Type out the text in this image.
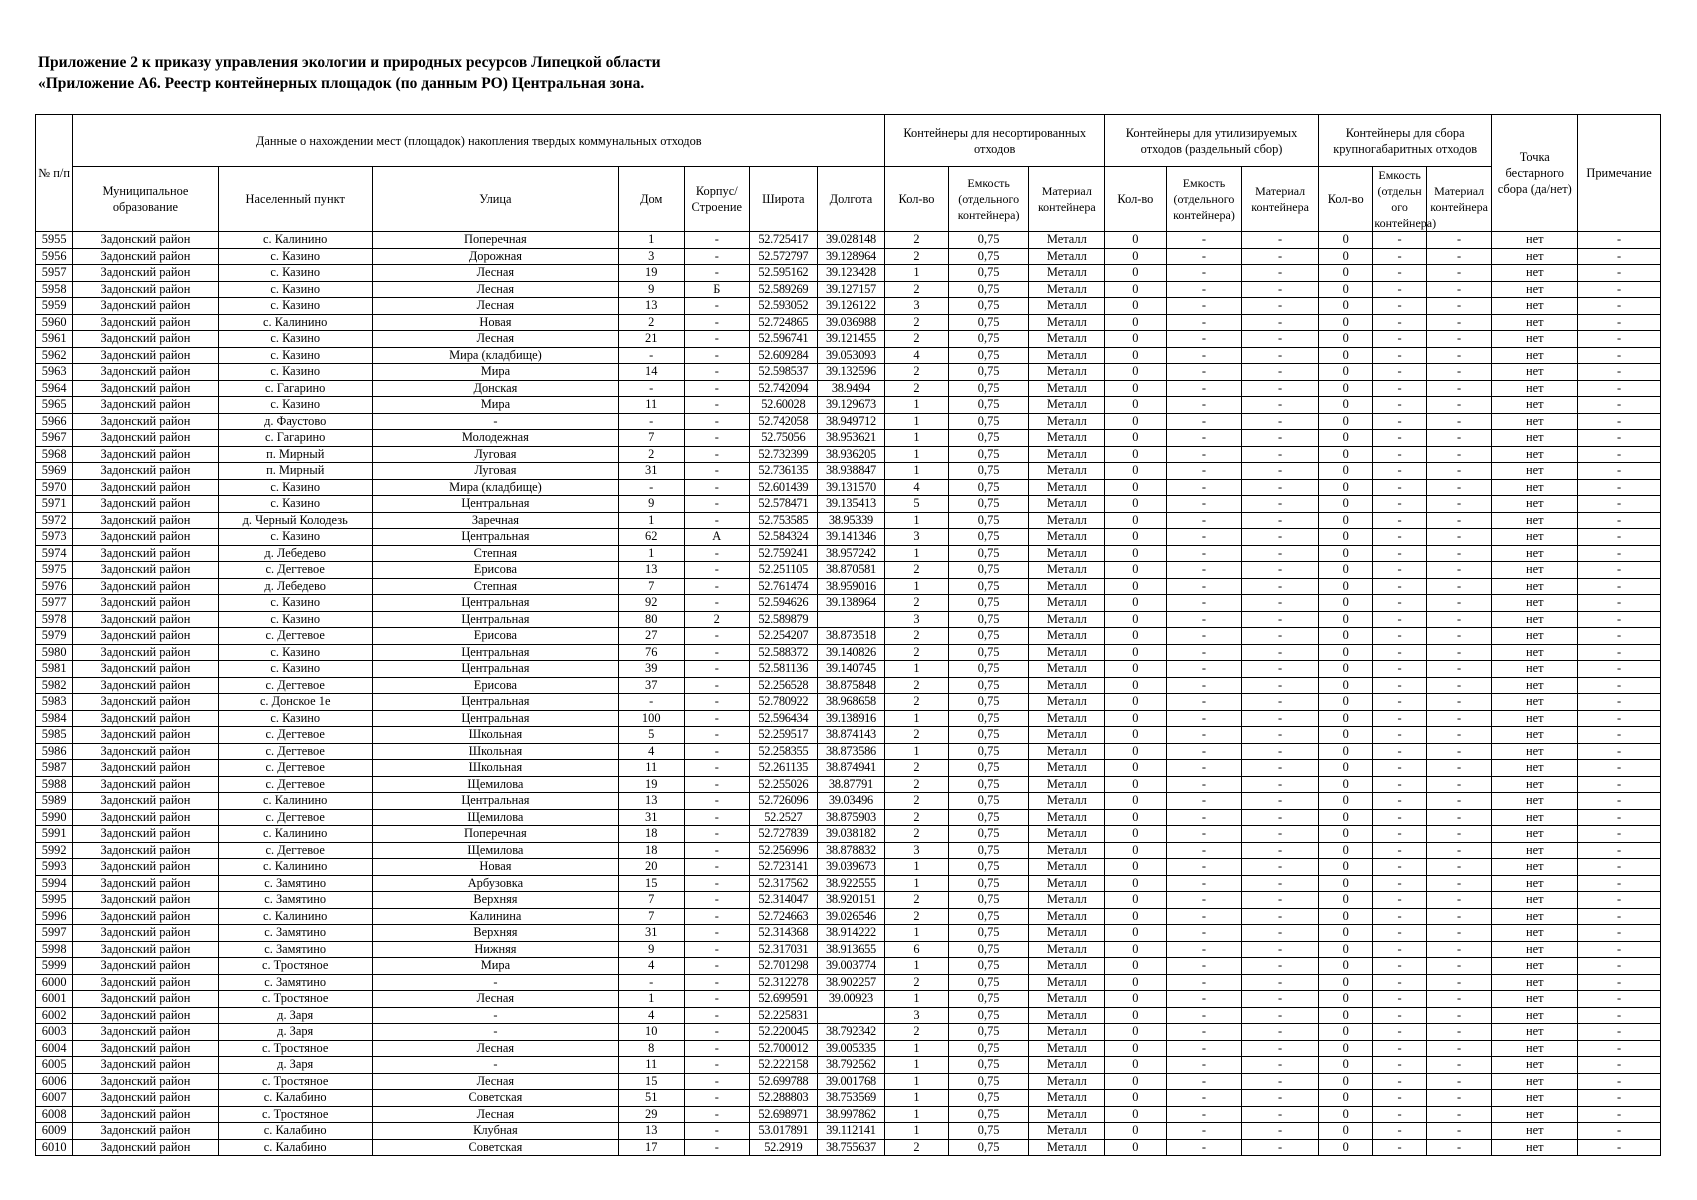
Приложение 2 к приказу управления экологии и природных ресурсов Липецкой области
«Приложение А6. Реестр контейнерных площадок (по данным РО) Центральная зона.
№ п/п	Данные о нахождении мест (площадок) накопления твердых коммунальных отходов							Контейнеры для несортированных отходов			Контейнеры для утилизируемых отходов (раздельный сбор)			Контейнеры для сбора крупногабаритных отходов			Точка бестарного сбора (да/нет)	Примечание
	Муниципальное образование	Населенный пункт	Улица	Дом	Корпус/ Строение	Широта	Долгота	Кол-во	Емкость (отдельного контейнера)	Материал контейнера	Кол-во	Емкость (отдельного контейнера)	Материал контейнера	Кол-во	Емкость (отдельн ого контейнера)	Материал контейнера		
5955	Задонский район	с. Калинино	Поперечная	1	-	52.725417	39.028148	2	0,75	Металл	0	-	-	0	-	-	нет	-
5956	Задонский район	с. Казино	Дорожная	3	-	52.572797	39.128964	2	0,75	Металл	0	-	-	0	-	-	нет	-
5957	Задонский район	с. Казино	Лесная	19	-	52.595162	39.123428	1	0,75	Металл	0	-	-	0	-	-	нет	-
5958	Задонский район	с. Казино	Лесная	9	Б	52.589269	39.127157	2	0,75	Металл	0	-	-	0	-	-	нет	-
5959	Задонский район	с. Казино	Лесная	13	-	52.593052	39.126122	3	0,75	Металл	0	-	-	0	-	-	нет	-
5960	Задонский район	с. Калинино	Новая	2	-	52.724865	39.036988	2	0,75	Металл	0	-	-	0	-	-	нет	-
5961	Задонский район	с. Казино	Лесная	21	-	52.596741	39.121455	2	0,75	Металл	0	-	-	0	-	-	нет	-
5962	Задонский район	с. Казино	Мира (кладбище)	-	-	52.609284	39.053093	4	0,75	Металл	0	-	-	0	-	-	нет	-
5963	Задонский район	с. Казино	Мира	14	-	52.598537	39.132596	2	0,75	Металл	0	-	-	0	-	-	нет	-
5964	Задонский район	с. Гагарино	Донская	-	-	52.742094	38.9494	2	0,75	Металл	0	-	-	0	-	-	нет	-
5965	Задонский район	с. Казино	Мира	11	-	52.60028	39.129673	1	0,75	Металл	0	-	-	0	-	-	нет	-
5966	Задонский район	д. Фаустово	-	-	-	52.742058	38.949712	1	0,75	Металл	0	-	-	0	-	-	нет	-
5967	Задонский район	с. Гагарино	Молодежная	7	-	52.75056	38.953621	1	0,75	Металл	0	-	-	0	-	-	нет	-
5968	Задонский район	п. Мирный	Луговая	2	-	52.732399	38.936205	1	0,75	Металл	0	-	-	0	-	-	нет	-
5969	Задонский район	п. Мирный	Луговая	31	-	52.736135	38.938847	1	0,75	Металл	0	-	-	0	-	-	нет	-
5970	Задонский район	с. Казино	Мира (кладбище)	-	-	52.601439	39.131570	4	0,75	Металл	0	-	-	0	-	-	нет	-
5971	Задонский район	с. Казино	Центральная	9	-	52.578471	39.135413	5	0,75	Металл	0	-	-	0	-	-	нет	-
5972	Задонский район	д. Черный Колодезь	Заречная	1	-	52.753585	38.95339	1	0,75	Металл	0	-	-	0	-	-	нет	-
5973	Задонский район	с. Казино	Центральная	62	А	52.584324	39.141346	3	0,75	Металл	0	-	-	0	-	-	нет	-
5974	Задонский район	д. Лебедево	Степная	1	-	52.759241	38.957242	1	0,75	Металл	0	-	-	0	-	-	нет	-
5975	Задонский район	с. Дегтевое	Ерисова	13	-	52.251105	38.870581	2	0,75	Металл	0	-	-	0	-	-	нет	-
5976	Задонский район	д. Лебедево	Степная	7	-	52.761474	38.959016	1	0,75	Металл	0	-	-	0	-	-	нет	-
5977	Задонский район	с. Казино	Центральная	92	-	52.594626	39.138964	2	0,75	Металл	0	-	-	0	-	-	нет	-
5978	Задонский район	с. Казино	Центральная	80	2	52.589879		3	0,75	Металл	0	-	-	0	-	-	нет	-
5979	Задонский район	с. Дегтевое	Ерисова	27	-	52.254207	38.873518	2	0,75	Металл	0	-	-	0	-	-	нет	-
5980	Задонский район	с. Казино	Центральная	76	-	52.588372	39.140826	2	0,75	Металл	0	-	-	0	-	-	нет	-
5981	Задонский район	с. Казино	Центральная	39	-	52.581136	39.140745	1	0,75	Металл	0	-	-	0	-	-	нет	-
5982	Задонский район	с. Дегтевое	Ерисова	37	-	52.256528	38.875848	2	0,75	Металл	0	-	-	0	-	-	нет	-
5983	Задонский район	с. Донское 1е	Центральная	-	-	52.780922	38.968658	2	0,75	Металл	0	-	-	0	-	-	нет	-
5984	Задонский район	с. Казино	Центральная	100	-	52.596434	39.138916	1	0,75	Металл	0	-	-	0	-	-	нет	-
5985	Задонский район	с. Дегтевое	Школьная	5	-	52.259517	38.874143	2	0,75	Металл	0	-	-	0	-	-	нет	-
5986	Задонский район	с. Дегтевое	Школьная	4	-	52.258355	38.873586	1	0,75	Металл	0	-	-	0	-	-	нет	-
5987	Задонский район	с. Дегтевое	Школьная	11	-	52.261135	38.874941	2	0,75	Металл	0	-	-	0	-	-	нет	-
5988	Задонский район	с. Дегтевое	Щемилова	19	-	52.255026	38.87791	2	0,75	Металл	0	-	-	0	-	-	нет	-
5989	Задонский район	с. Калинино	Центральная	13	-	52.726096	39.03496	2	0,75	Металл	0	-	-	0	-	-	нет	-
5990	Задонский район	с. Дегтевое	Щемилова	31	-	52.2527	38.875903	2	0,75	Металл	0	-	-	0	-	-	нет	-
5991	Задонский район	с. Калинино	Поперечная	18	-	52.727839	39.038182	2	0,75	Металл	0	-	-	0	-	-	нет	-
5992	Задонский район	с. Дегтевое	Щемилова	18	-	52.256996	38.878832	3	0,75	Металл	0	-	-	0	-	-	нет	-
5993	Задонский район	с. Калинино	Новая	20	-	52.723141	39.039673	1	0,75	Металл	0	-	-	0	-	-	нет	-
5994	Задонский район	с. Замятино	Арбузовка	15	-	52.317562	38.922555	1	0,75	Металл	0	-	-	0	-	-	нет	-
5995	Задонский район	с. Замятино	Верхняя	7	-	52.314047	38.920151	2	0,75	Металл	0	-	-	0	-	-	нет	-
5996	Задонский район	с. Калинино	Калинина	7	-	52.724663	39.026546	2	0,75	Металл	0	-	-	0	-	-	нет	-
5997	Задонский район	с. Замятино	Верхняя	31	-	52.314368	38.914222	1	0,75	Металл	0	-	-	0	-	-	нет	-
5998	Задонский район	с. Замятино	Нижняя	9	-	52.317031	38.913655	6	0,75	Металл	0	-	-	0	-	-	нет	-
5999	Задонский район	с. Тростяное	Мира	4	-	52.701298	39.003774	1	0,75	Металл	0	-	-	0	-	-	нет	-
6000	Задонский район	с. Замятино	-	-	-	52.312278	38.902257	2	0,75	Металл	0	-	-	0	-	-	нет	-
6001	Задонский район	с. Тростяное	Лесная	1	-	52.699591	39.00923	1	0,75	Металл	0	-	-	0	-	-	нет	-
6002	Задонский район	д. Заря	-	4	-	52.225831		3	0,75	Металл	0	-	-	0	-	-	нет	-
6003	Задонский район	д. Заря	-	10	-	52.220045	38.792342	2	0,75	Металл	0	-	-	0	-	-	нет	-
6004	Задонский район	с. Тростяное	Лесная	8	-	52.700012	39.005335	1	0,75	Металл	0	-	-	0	-	-	нет	-
6005	Задонский район	д. Заря	-	11	-	52.222158	38.792562	1	0,75	Металл	0	-	-	0	-	-	нет	-
6006	Задонский район	с. Тростяное	Лесная	15	-	52.699788	39.001768	1	0,75	Металл	0	-	-	0	-	-	нет	-
6007	Задонский район	с. Калабино	Советская	51	-	52.288803	38.753569	1	0,75	Металл	0	-	-	0	-	-	нет	-
6008	Задонский район	с. Тростяное	Лесная	29	-	52.698971	38.997862	1	0,75	Металл	0	-	-	0	-	-	нет	-
6009	Задонский район	с. Калабино	Клубная	13	-	53.017891	39.112141	1	0,75	Металл	0	-	-	0	-	-	нет	-
6010	Задонский район	с. Калабино	Советская	17	-	52.2919	38.755637	2	0,75	Металл	0	-	-	0	-	-	нет	-
